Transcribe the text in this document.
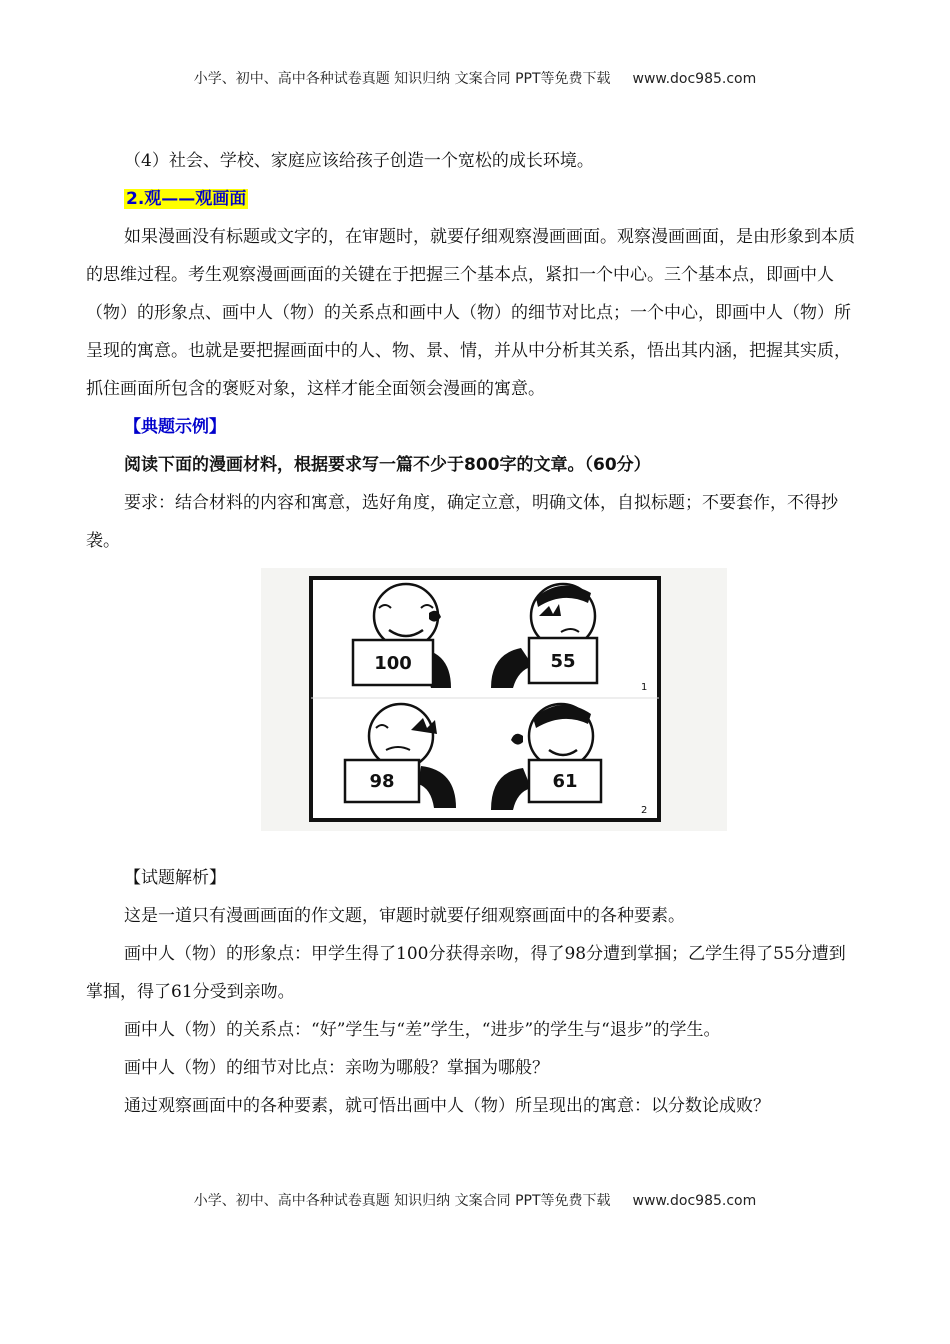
小学、初中、高中各种试卷真题 知识归纳 文案合同 PPT等免费下载 www.doc985.com

（4）社会、学校、家庭应该给孩子创造一个宽松的成长环境。

2.观——观画面

如果漫画没有标题或文字的，在审题时，就要仔细观察漫画画面。观察漫画画面，是由形象到本质的思维过程。考生观察漫画画面的关键在于把握三个基本点，紧扣一个中心。三个基本点，即画中人（物）的形象点、画中人（物）的关系点和画中人（物）的细节对比点；一个中心，即画中人（物）所呈现的寓意。也就是要把握画面中的人、物、景、情，并从中分析其关系，悟出其内涵，把握其实质，抓住画面所包含的褒贬对象，这样才能全面领会漫画的寓意。

【典题示例】

阅读下面的漫画材料，根据要求写一篇不少于800字的文章。（60分）

要求：结合材料的内容和寓意，选好角度，确定立意，明确文体，自拟标题；不要套作，不得抄袭。

100	55
1
98	61
2

【试题解析】

这是一道只有漫画画面的作文题，审题时就要仔细观察画面中的各种要素。

画中人（物）的形象点：甲学生得了100分获得亲吻，得了98分遭到掌掴；乙学生得了55分遭到掌掴，得了61分受到亲吻。

画中人（物）的关系点：“好”学生与“差”学生，“进步”的学生与“退步”的学生。

画中人（物）的细节对比点：亲吻为哪般？掌掴为哪般？

通过观察画面中的各种要素，就可悟出画中人（物）所呈现出的寓意：以分数论成败？

小学、初中、高中各种试卷真题 知识归纳 文案合同 PPT等免费下载 www.doc985.com
